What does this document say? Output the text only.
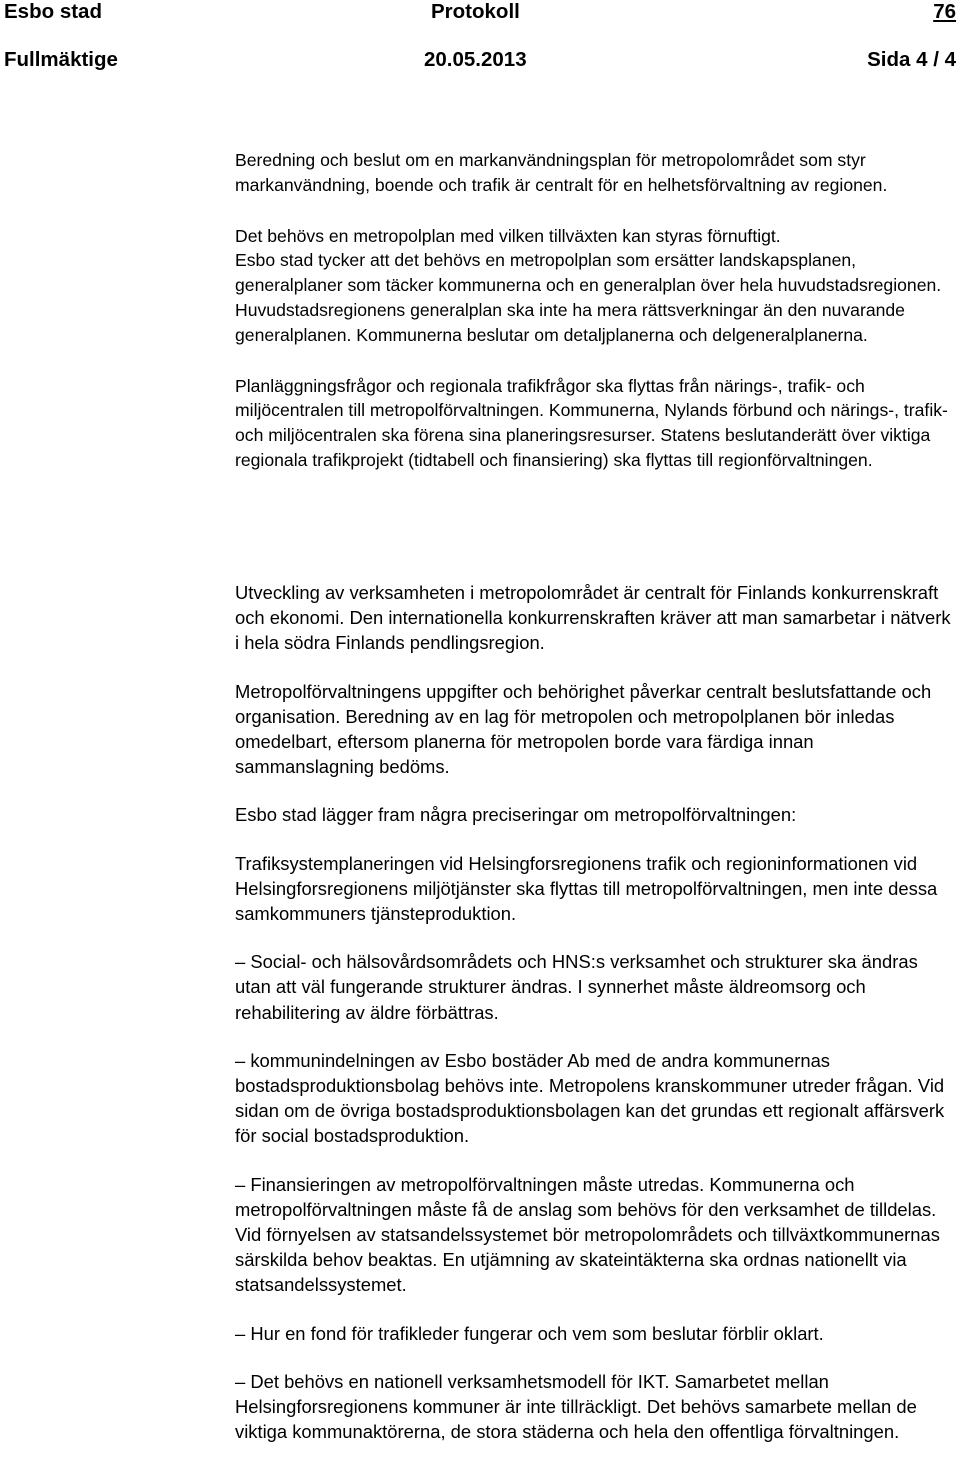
Esbo stad	Protokoll	76
Fullmäktige	20.05.2013	Sida 4 / 4

Beredning och beslut om en markanvändningsplan för metropolområdet som styr markanvändning, boende och trafik är centralt för en helhetsförvaltning av regionen.

Det behövs en metropolplan med vilken tillväxten kan styras förnuftigt.

Esbo stad tycker att det behövs en metropolplan som ersätter landskapsplanen, generalplaner som täcker kommunerna och en generalplan över hela huvudstadsregionen. Huvudstadsregionens generalplan ska inte ha mera rättsverkningar än den nuvarande generalplanen. Kommunerna beslutar om detaljplanerna och delgeneralplanerna.

Planläggningsfrågor och regionala trafikfrågor ska flyttas från närings-, trafik- och miljöcentralen till metropolförvaltningen. Kommunerna, Nylands förbund och närings-, trafik- och miljöcentralen ska förena sina planeringsresurser. Statens beslutanderätt över viktiga regionala trafikprojekt (tidtabell och finansiering) ska flyttas till regionförvaltningen.

Utveckling av verksamheten i metropolområdet är centralt för Finlands konkurrenskraft och ekonomi. Den internationella konkurrenskraften kräver att man samarbetar i nätverk i hela södra Finlands pendlingsregion.

Metropolförvaltningens uppgifter och behörighet påverkar centralt beslutsfattande och organisation. Beredning av en lag för metropolen och metropolplanen bör inledas omedelbart, eftersom planerna för metropolen borde vara färdiga innan sammanslagning bedöms.

Esbo stad lägger fram några preciseringar om metropolförvaltningen:

Trafiksystemplaneringen vid Helsingforsregionens trafik och regioninformationen vid Helsingforsregionens miljötjänster ska flyttas till metropolförvaltningen, men inte dessa samkommuners tjänsteproduktion.

– Social- och hälsovårdsområdets och HNS:s verksamhet och strukturer ska ändras utan att väl fungerande strukturer ändras. I synnerhet måste äldreomsorg och rehabilitering av äldre förbättras.

– kommunindelningen av Esbo bostäder Ab med de andra kommunernas bostadsproduktionsbolag behövs inte. Metropolens kranskommuner utreder frågan. Vid sidan om de övriga bostadsproduktionsbolagen kan det grundas ett regionalt affärsverk för social bostadsproduktion.

– Finansieringen av metropolförvaltningen måste utredas. Kommunerna och metropolförvaltningen måste få de anslag som behövs för den verksamhet de tilldelas. Vid förnyelsen av statsandelssystemet bör metropolområdets och tillväxtkommunernas särskilda behov beaktas. En utjämning av skateintäkterna ska ordnas nationellt via statsandelssystemet.

– Hur en fond för trafikleder fungerar och vem som beslutar förblir oklart.

– Det behövs en nationell verksamhetsmodell för IKT. Samarbetet mellan Helsingforsregionens kommuner är inte tillräckligt. Det behövs samarbete mellan de viktiga kommunaktörerna, de stora städerna och hela den offentliga förvaltningen.
